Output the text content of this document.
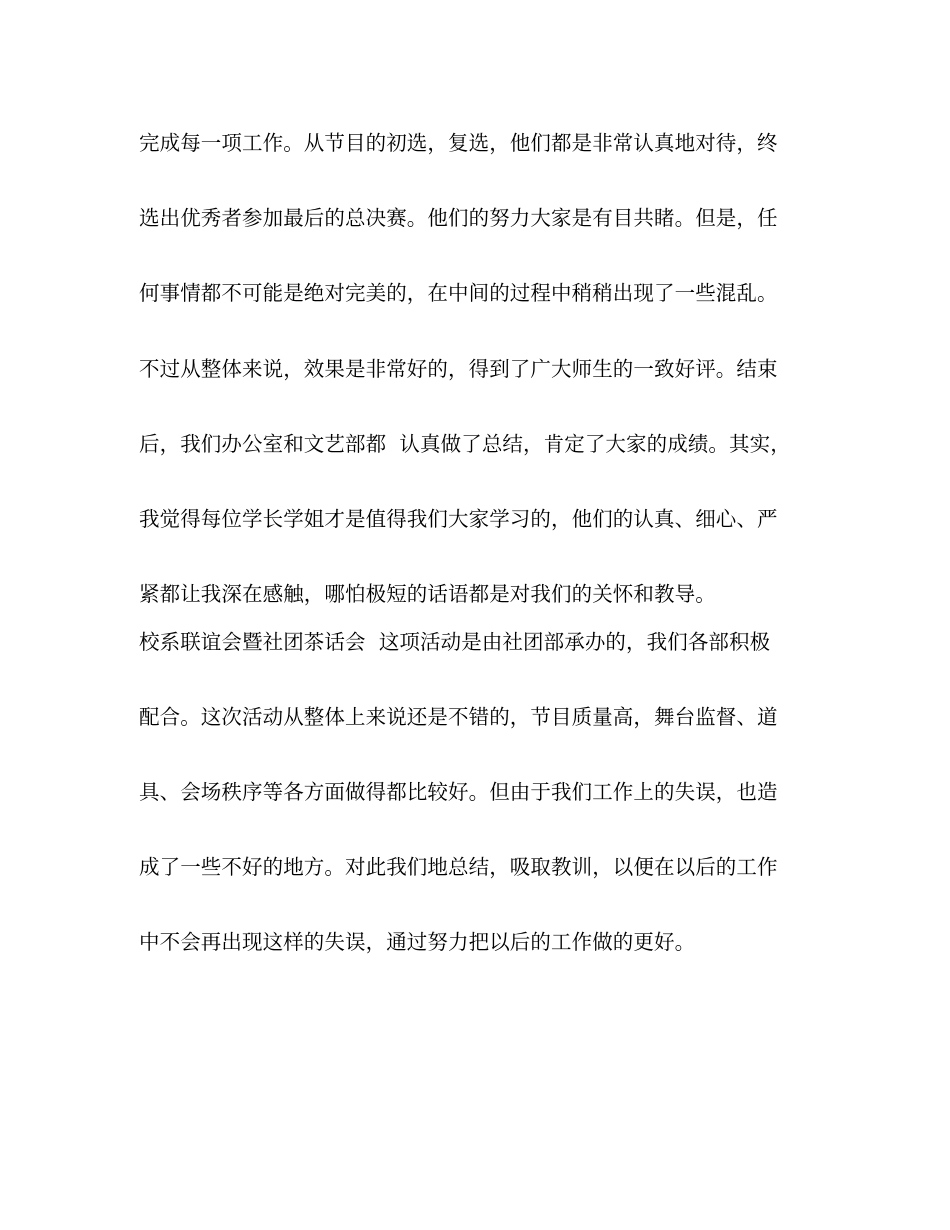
完成每一项工作。从节目的初选，复选，他们都是非常认真地对待，终
选出优秀者参加最后的总决赛。他们的努力大家是有目共睹。但是，任
何事情都不可能是绝对完美的，在中间的过程中稍稍出现了一些混乱。
不过从整体来说，效果是非常好的，得到了广大师生的一致好评。结束
后，我们办公室和文艺部都  认真做了总结，肯定了大家的成绩。其实，
我觉得每位学长学姐才是值得我们大家学习的，他们的认真、细心、严
紧都让我深在感触，哪怕极短的话语都是对我们的关怀和教导。
校系联谊会暨社团茶话会  这项活动是由社团部承办的，我们各部积极
配合。这次活动从整体上来说还是不错的，节目质量高，舞台监督、道
具、会场秩序等各方面做得都比较好。但由于我们工作上的失误，也造
成了一些不好的地方。对此我们地总结，吸取教训，以便在以后的工作
中不会再出现这样的失误，通过努力把以后的工作做的更好。
